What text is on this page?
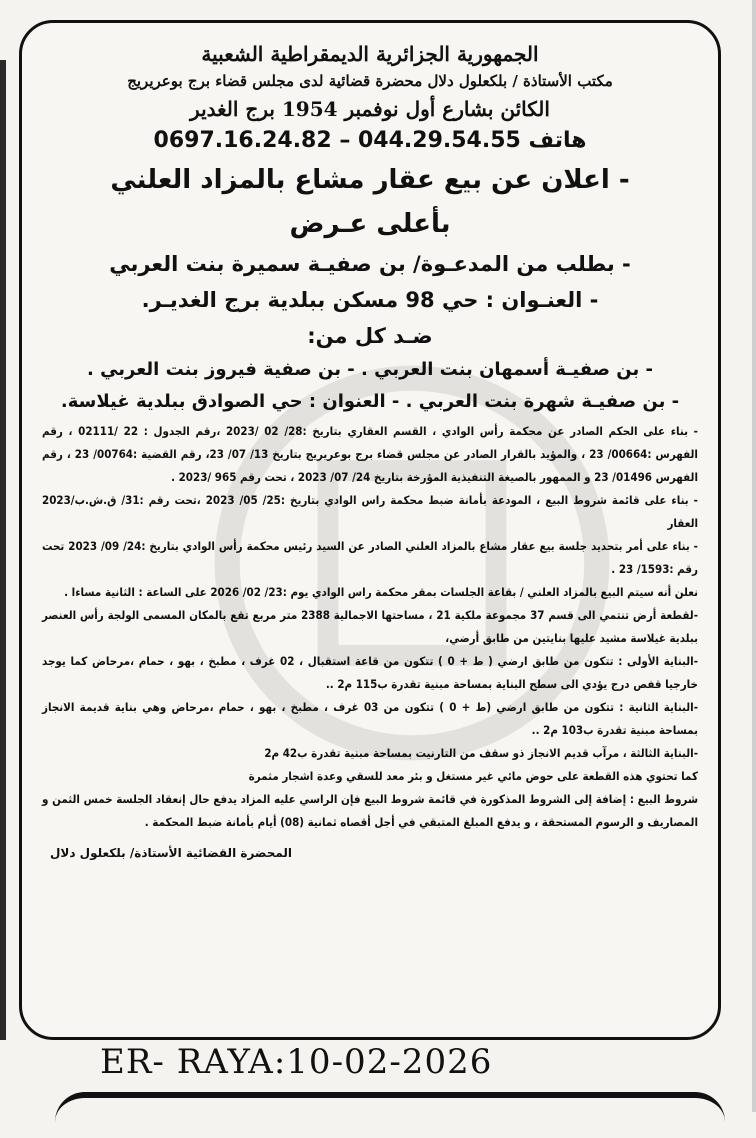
الجمهورية الجزائرية الديمقراطية الشعبية
مكتب الأستاذة / بلكعلول دلال محضرة قضائية لدى مجلس قضاء برج بوعريريج
الكائن بشارع أول نوفمبر 1954 برج الغدير
هاتف 0697.16.24.82 – 044.29.54.55
- اعلان عن بيع عقار مشاع بالمزاد العلني
بأعلى عـرض
- بطلب من المدعـوة/ بن صفيـة سميرة بنت العربي
- العنـوان : حي 98 مسكن ببلدية برج الغديـر.
ضـد كل من:
- بن صفيـة أسمهان بنت العربي . - بن صفية فيروز بنت العربي .
- بن صفيـة شهرة بنت العربي . - العنوان : حي الصوادق ببلدية غيلاسة.

- بناء على الحكم الصادر عن محكمة رأس الوادي ، القسم العقاري بتاريخ :28/ 02 /2023 ،رقم الجدول : 22 /02111 ، رقم الفهرس :00664/ 23 ، والمؤيد بالقرار الصادر عن مجلس قضاء برج بوعريريج بتاريخ 13/ 07/ 23، رقم القضية :00764/ 23 ، رقم الفهرس 01496/ 23 و الممهور بالصيغة التنفيذية المؤرخة بتاريخ 24/ 07/ 2023 ، تحت رقم 965 /2023 .

- بناء على قائمة شروط البيع ، المودعة بأمانة ضبط محكمة راس الوادي بتاريخ :25/ 05/ 2023 ،تحت رقم :31/ ق.ش.ب/2023 العقار

- بناء على أمر بتحديد جلسة بيع عقار مشاع بالمزاد العلني الصادر عن السيد رئيس محكمة رأس الوادي بتاريخ :24/ 09/ 2023 تحت رقم :1593/ 23 .

نعلن أنه سيتم البيع بالمزاد العلني / بقاعة الجلسات بمقر محكمة راس الوادي يوم :23/ 02/ 2026 على الساعة : الثانية مساءا .

-لقطعة أرض تنتمي الى قسم 37 مجموعة ملكية 21 ، مساحتها الاجمالية 2388 متر مربع تقع بالمكان المسمى الولجة رأس العنصر ببلدية غيلاسة مشيد عليها بنايتين من طابق أرضي،

-البناية الأولى : تتكون من طابق ارضي ( ط + 0 ) تتكون من قاعة استقبال ، 02 غرف ، مطبخ ، بهو ، حمام ،مرحاض كما يوجد خارجيا قفص درج يؤدي الى سطح البناية بمساحة مبنية تقدرة ب115 م2 ..

-البناية الثانية : تتكون من طابق ارضي (ط + 0 ) تتكون من 03 غرف ، مطبخ ، بهو ، حمام ،مرحاض وهي بناية قديمة الانجاز بمساحة مبنية تقدرة ب103 م2 ..

-البناية الثالثة ، مرآب قديم الانجاز ذو سقف من التارنيت بمساحة مبنية تقدرة ب42 م2

كما تحتوي هذه القطعة على حوض مائي غير مستغل و بئر معد للسقي وعدة اشجار مثمرة

شروط البيع : إضافة إلى الشروط المذكورة في قائمة شروط البيع فإن الراسي عليه المزاد يدفع حال إنعقاد الجلسة خمس الثمن و المصاريف و الرسوم المستحقة ، و يدفع المبلغ المتبقي في أجل أقصاه ثمانية (08) أيام بأمانة ضبط المحكمة .

المحضرة القضائية الأستاذة/ بلكعلول دلال
ER- RAYA:10-02-2026
